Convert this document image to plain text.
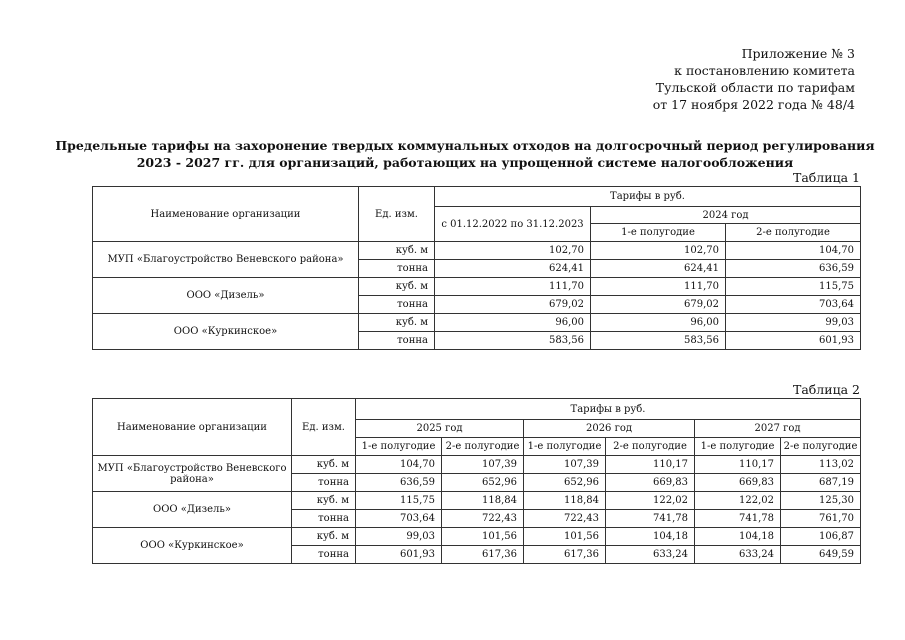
Приложение № 3
к постановлению комитета
Тульской области по тарифам
от 17 ноября 2022 года № 48/4
Предельные тарифы на захоронение твердых коммунальных отходов на долгосрочный период регулирования
2023 - 2027 гг. для организаций, работающих на упрощенной системе налогообложения
Таблица 1
Наименование организации	Ед. изм.	Тарифы в руб.		
		с 01.12.2022 по 31.12.2023	2024 год	
			1-е полугодие	2-е полугодие
МУП «Благоустройство Веневского района»	куб. м	102,70	102,70	104,70
	тонна	624,41	624,41	636,59
ООО «Дизель»	куб. м	111,70	111,70	115,75
	тонна	679,02	679,02	703,64
ООО «Куркинское»	куб. м	96,00	96,00	99,03
	тонна	583,56	583,56	601,93
Таблица 2
Наименование организации	Ед. изм.	Тарифы в руб.					
		2025 год		2026 год		2027 год	
		1-е полугодие	2-е полугодие	1-е полугодие	2-е полугодие	1-е полугодие	2-е полугодие
МУП «Благоустройство Веневского района»	куб. м	104,70	107,39	107,39	110,17	110,17	113,02
	тонна	636,59	652,96	652,96	669,83	669,83	687,19
ООО «Дизель»	куб. м	115,75	118,84	118,84	122,02	122,02	125,30
	тонна	703,64	722,43	722,43	741,78	741,78	761,70
ООО «Куркинское»	куб. м	99,03	101,56	101,56	104,18	104,18	106,87
	тонна	601,93	617,36	617,36	633,24	633,24	649,59
